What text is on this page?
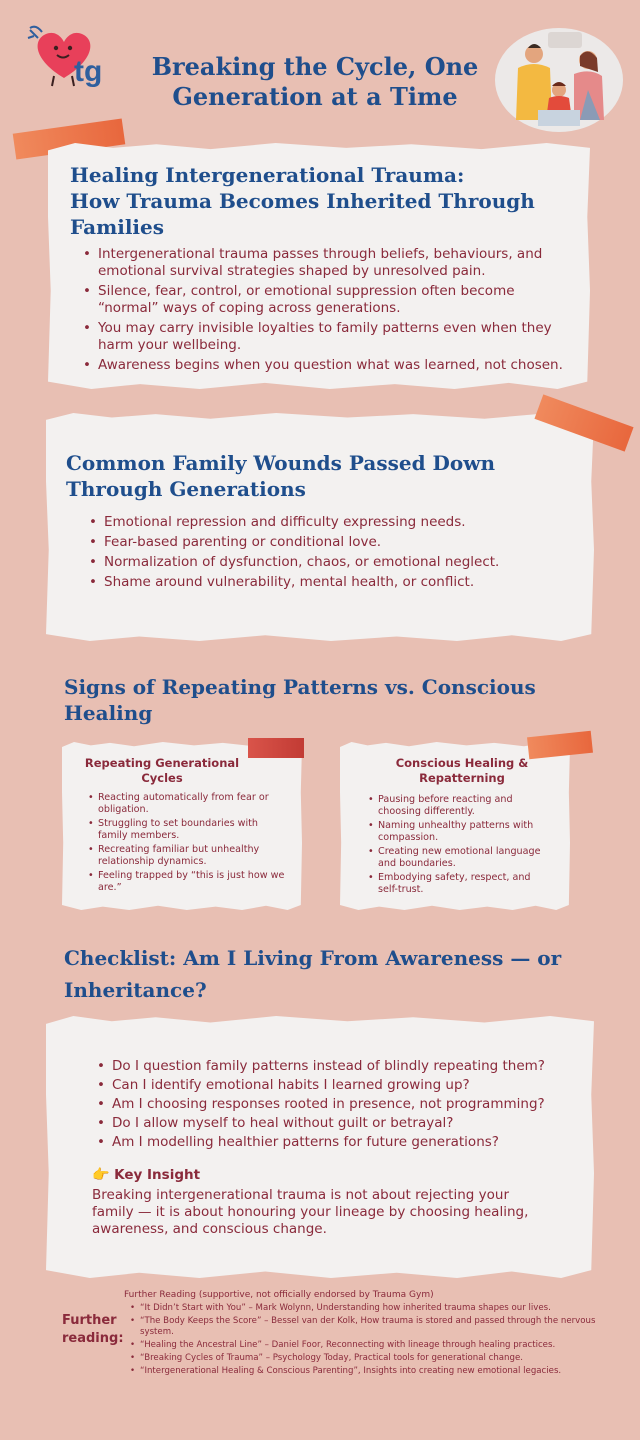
tg	Breaking the Cycle, One
Generation at a Time
Healing Intergenerational Trauma:
How Trauma Becomes Inherited Through
Families
• Intergenerational trauma passes through beliefs, behaviours, and emotional survival strategies shaped by unresolved pain.
• Silence, fear, control, or emotional suppression often become “normal” ways of coping across generations.
• You may carry invisible loyalties to family patterns even when they harm your wellbeing.
• Awareness begins when you question what was learned, not chosen.
Common Family Wounds Passed Down
Through Generations
• Emotional repression and difficulty expressing needs.
• Fear-based parenting or conditional love.
• Normalization of dysfunction, chaos, or emotional neglect.
• Shame around vulnerability, mental health, or conflict.
Signs of Repeating Patterns vs. Conscious
Healing
Repeating Generational
Cycles
• Reacting automatically from fear or obligation.
• Struggling to set boundaries with family members.
• Recreating familiar but unhealthy relationship dynamics.
• Feeling trapped by “this is just how we are.”
Conscious Healing &
Repatterning
• Pausing before reacting and choosing differently.
• Naming unhealthy patterns with compassion.
• Creating new emotional language and boundaries.
• Embodying safety, respect, and self-trust.
Checklist: Am I Living From Awareness — or
Inheritance?
• Do I question family patterns instead of blindly repeating them?
• Can I identify emotional habits I learned growing up?
• Am I choosing responses rooted in presence, not programming?
• Do I allow myself to heal without guilt or betrayal?
• Am I modelling healthier patterns for future generations?
👉 Key Insight
Breaking intergenerational trauma is not about rejecting your family — it is about honouring your lineage by choosing healing, awareness, and conscious change.
Further Reading (supportive, not officially endorsed by Trauma Gym)
Further
reading:
• “It Didn’t Start with You” – Mark Wolynn, Understanding how inherited trauma shapes our lives.
• “The Body Keeps the Score” – Bessel van der Kolk, How trauma is stored and passed through the nervous system.
• “Healing the Ancestral Line” – Daniel Foor, Reconnecting with lineage through healing practices.
• “Breaking Cycles of Trauma” – Psychology Today, Practical tools for generational change.
• “Intergenerational Healing & Conscious Parenting”, Insights into creating new emotional legacies.
